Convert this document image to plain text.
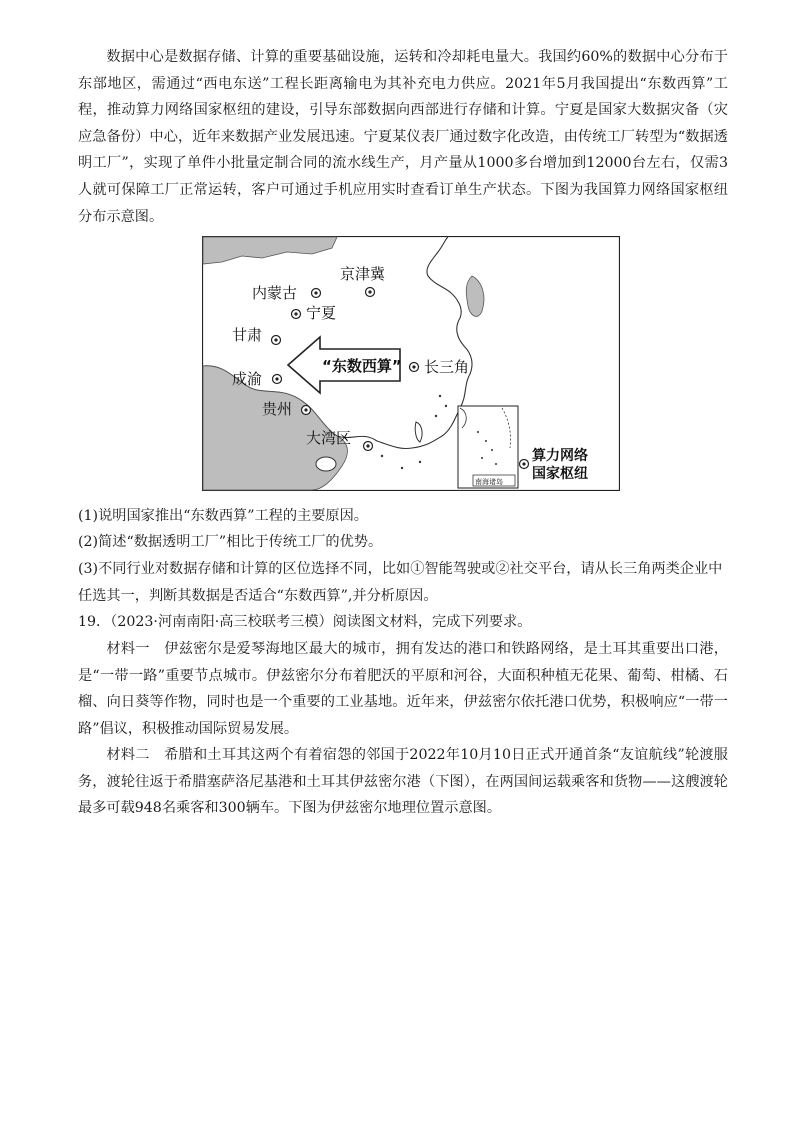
数据中心是数据存储、计算的重要基础设施，运转和冷却耗电量大。我国约60%的数据中心分布于东部地区，需通过“西电东送”工程长距离输电为其补充电力供应。2021年5月我国提出“东数西算”工程，推动算力网络国家枢纽的建设，引导东部数据向西部进行存储和计算。宁夏是国家大数据灾备（灾应急备份）中心，近年来数据产业发展迅速。宁夏某仪表厂通过数字化改造，由传统工厂转型为“数据透明工厂”，实现了单件小批量定制合同的流水线生产，月产量从1000多台增加到12000台左右，仅需3人就可保障工厂正常运转，客户可通过手机应用实时查看订单生产状态。下图为我国算力网络国家枢纽分布示意图。

京津冀
内蒙古
宁夏
甘肃
长三角
成渝
贵州
大湾区
“东数西算”
南海诸岛
算力网络
国家枢纽

(1)说明国家推出“东数西算”工程的主要原因。

(2)简述“数据透明工厂”相比于传统工厂的优势。

(3)不同行业对数据存储和计算的区位选择不同，比如①智能驾驶或②社交平台，请从长三角两类企业中任选其一，判断其数据是否适合“东数西算”,并分析原因。

19．（2023·河南南阳·高三校联考三模）阅读图文材料，完成下列要求。

材料一　伊兹密尔是爱琴海地区最大的城市，拥有发达的港口和铁路网络，是土耳其重要出口港，是“一带一路”重要节点城市。伊兹密尔分布着肥沃的平原和河谷，大面积种植无花果、葡萄、柑橘、石榴、向日葵等作物，同时也是一个重要的工业基地。近年来，伊兹密尔依托港口优势，积极响应“一带一路”倡议，积极推动国际贸易发展。

材料二　希腊和土耳其这两个有着宿怨的邻国于2022年10月10日正式开通首条“友谊航线”轮渡服务，渡轮往返于希腊塞萨洛尼基港和土耳其伊兹密尔港（下图），在两国间运载乘客和货物——这艘渡轮最多可载948名乘客和300辆车。下图为伊兹密尔地理位置示意图。
